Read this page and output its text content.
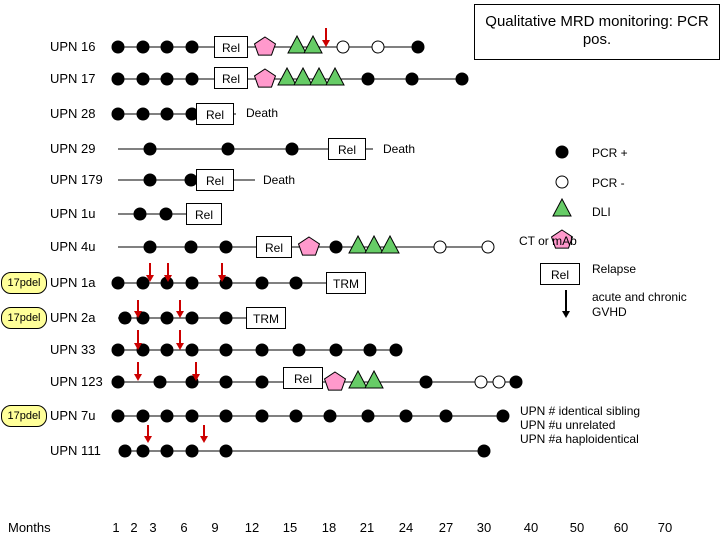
Qualitative MRD monitoring: PCR pos.
UPN 16
UPN 17
UPN 28
UPN 29
UPN 179
UPN 1u
UPN 4u
UPN 1a
17pdel
UPN 2a
17pdel
UPN 33
UPN 123
UPN 7u
17pdel
UPN 111
Months	1 2 3 6 9 12 15 18 21 24 27 30	40 50 60 70
PCR +
PCR -
DLI
CT or mAb
Rel	Relapse
acute and chronic GVHD
UPN # identical sibling
UPN #u unrelated
UPN #a haploidentical
Rel
Rel
Rel
Rel
Rel
Rel
Rel
Rel
Death
Death
Death
TRM
TRM
